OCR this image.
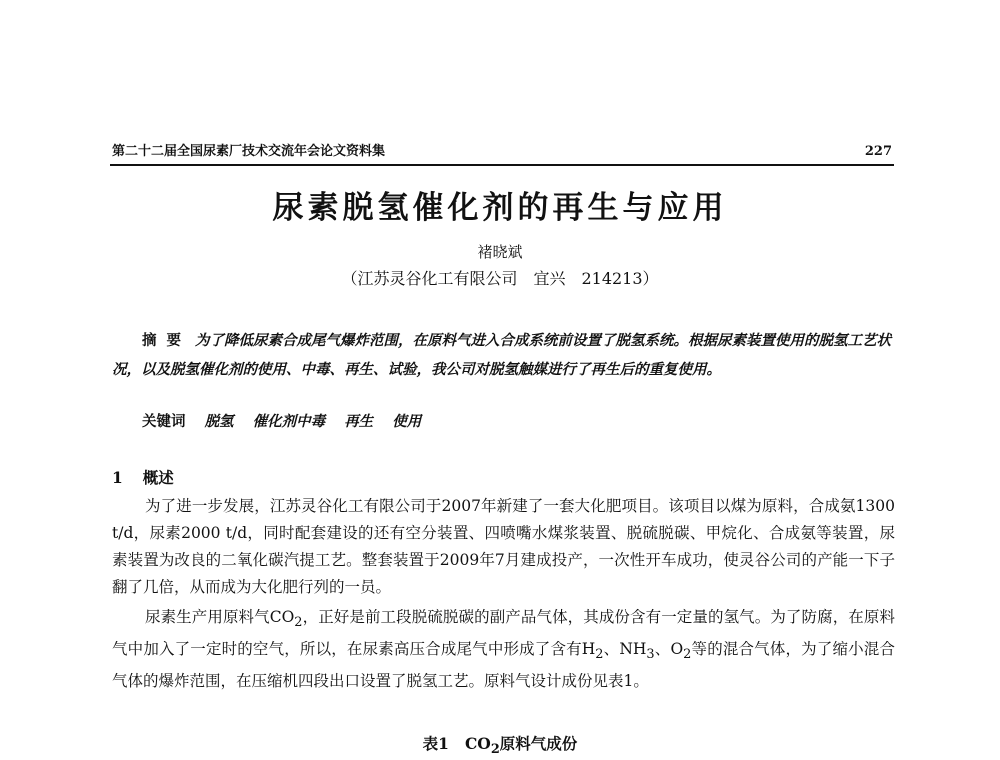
第二十二届全国尿素厂技术交流年会论文资料集	227
尿素脱氢催化剂的再生与应用
褚晓斌
（江苏灵谷化工有限公司　宜兴　214213）

摘要 为了降低尿素合成尾气爆炸范围，在原料气进入合成系统前设置了脱氢系统。根据尿素装置使用的脱氢工艺状况，以及脱氢催化剂的使用、中毒、再生、试验，我公司对脱氢触媒进行了再生后的重复使用。

关键词 脱氢 催化剂中毒 再生 使用
1 概述

为了进一步发展，江苏灵谷化工有限公司于2007年新建了一套大化肥项目。该项目以煤为原料，合成氨1300 t/d，尿素2000 t/d，同时配套建设的还有空分装置、四喷嘴水煤浆装置、脱硫脱碳、甲烷化、合成氨等装置，尿素装置为改良的二氧化碳汽提工艺。整套装置于2009年7月建成投产，一次性开车成功，使灵谷公司的产能一下子翻了几倍，从而成为大化肥行列的一员。

尿素生产用原料气$CO_2$，正好是前工段脱硫脱碳的副产品气体，其成份含有一定量的氢气。为了防腐，在原料气中加入了一定时的空气，所以，在尿素高压合成尾气中形成了含有$H_2$、$NH_3$、$O_2$等的混合气体，为了缩小混合气体的爆炸范围，在压缩机四段出口设置了脱氢工艺。原料气设计成份见表1。

表1 $CO_2$原料气成份
